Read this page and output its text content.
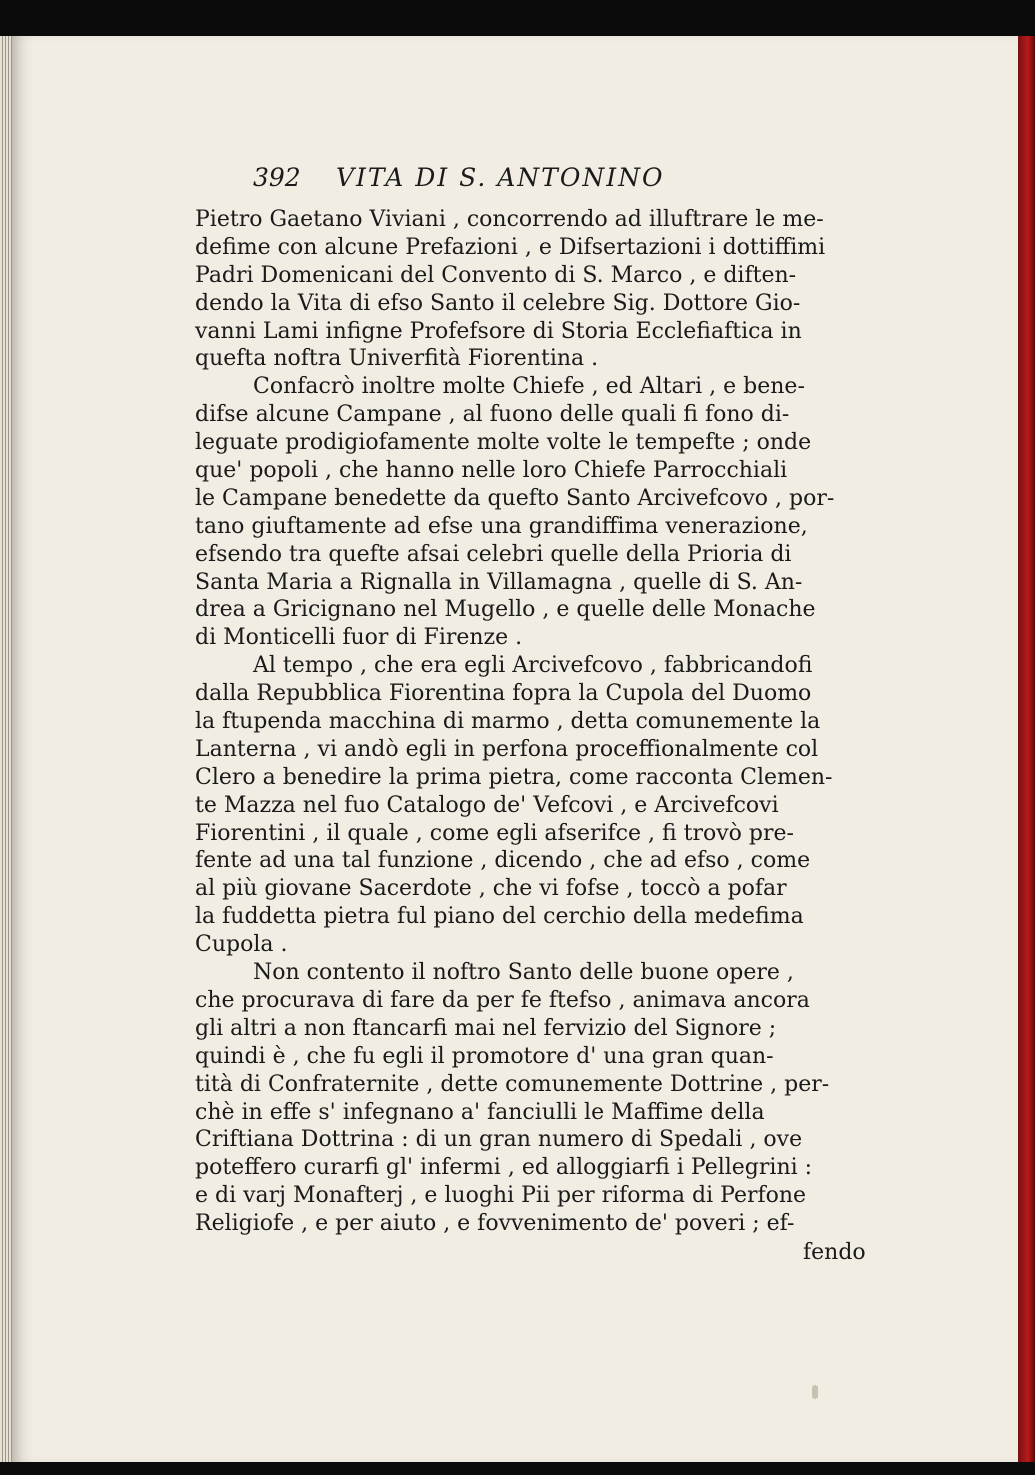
392 VITA DI S. ANTONINO
Pietro Gaetano Viviani , concorrendo ad illuftrare le me-
defime con alcune Prefazioni , e Difsertazioni i dottiffimi
Padri Domenicani del Convento di S. Marco , e diften-
dendo la Vita di efso Santo il celebre Sig. Dottore Gio-
vanni Lami infigne Profefsore di Storia Ecclefiaftica in
quefta noftra Univerfità Fiorentina .
Confacrò inoltre molte Chiefe , ed Altari , e bene-
difse alcune Campane , al fuono delle quali fi fono di-
leguate prodigiofamente molte volte le tempefte ; onde
que' popoli , che hanno nelle loro Chiefe Parrocchiali
le Campane benedette da quefto Santo Arcivefcovo , por-
tano giuftamente ad efse una grandiffima venerazione,
efsendo tra quefte afsai celebri quelle della Prioria di
Santa Maria a Rignalla in Villamagna , quelle di S. An-
drea a Gricignano nel Mugello , e quelle delle Monache
di Monticelli fuor di Firenze .
Al tempo , che era egli Arcivefcovo , fabbricandofi
dalla Repubblica Fiorentina fopra la Cupola del Duomo
la ftupenda macchina di marmo , detta comunemente la
Lanterna , vi andò egli in perfona proceffionalmente col
Clero a benedire la prima pietra, come racconta Clemen-
te Mazza nel fuo Catalogo de' Vefcovi , e Arcivefcovi
Fiorentini , il quale , come egli afserifce , fi trovò pre-
fente ad una tal funzione , dicendo , che ad efso , come
al più giovane Sacerdote , che vi fofse , toccò a pofar
la fuddetta pietra ful piano del cerchio della medefima
Cupola .
Non contento il noftro Santo delle buone opere ,
che procurava di fare da per fe ftefso , animava ancora
gli altri a non ftancarfi mai nel fervizio del Signore ;
quindi è , che fu egli il promotore d' una gran quan-
tità di Confraternite , dette comunemente Dottrine , per-
chè in effe s' infegnano a' fanciulli le Maffime della
Criftiana Dottrina : di un gran numero di Spedali , ove
poteffero curarfi gl' infermi , ed alloggiarfi i Pellegrini :
e di varj Monafterj , e luoghi Pii per riforma di Perfone
Religiofe , e per aiuto , e fovvenimento de' poveri ; ef-
fendo
